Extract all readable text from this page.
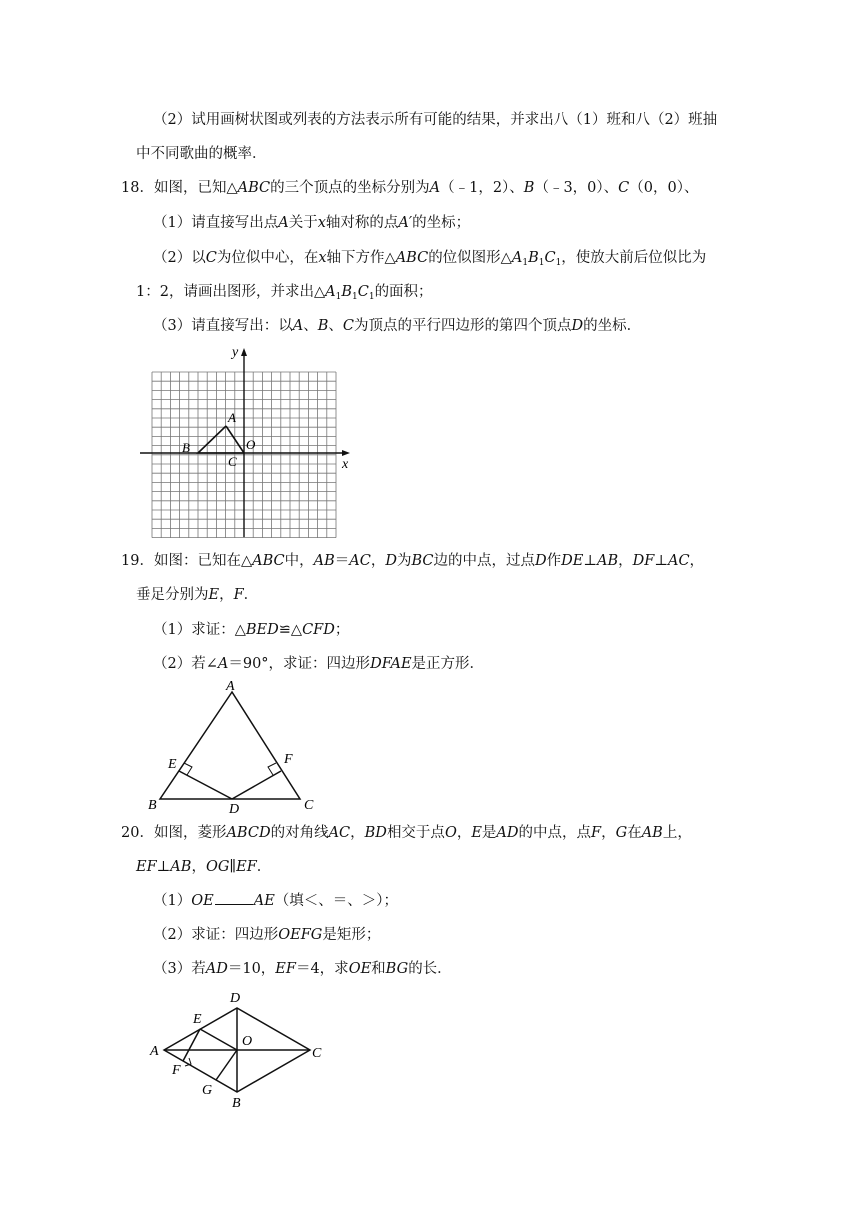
（2）试用画树状图或列表的方法表示所有可能的结果，并求出八（1）班和八（2）班抽
中不同歌曲的概率．
18．如图，已知△ABC的三个顶点的坐标分别为A（﹣1，2）、B（﹣3，0）、C（0，0）、
（1）请直接写出点A关于x轴对称的点A′的坐标；
（2）以C为位似中心，在x轴下方作△ABC的位似图形$\triangle A_1B_1C_1$，使放大前后位似比为
1：2，请画出图形，并求出$\triangle A_1B_1C_1$的面积；
（3）请直接写出：以A、B、C为顶点的平行四边形的第四个顶点D的坐标．
y
x
A
B
C
O
19．如图：已知在△ABC中，AB＝AC，D为BC边的中点，过点D作DE⊥AB，DF⊥AC，
垂足分别为E，F．
（1）求证：△BED≌△CFD；
（2）若∠A＝90°，求证：四边形DFAE是正方形．
A
B	C
D
E	F
20．如图，菱形ABCD的对角线AC，BD相交于点O，E是AD的中点，点F，G在AB上，
EF⊥AB，OG∥EF．
（1）OE	AE（填＜、＝、＞）；
（2）求证：四边形OEFG是矩形；
（3）若AD＝10，EF＝4，求OE和BG的长．
A
B
C
D
E
F
G
O
